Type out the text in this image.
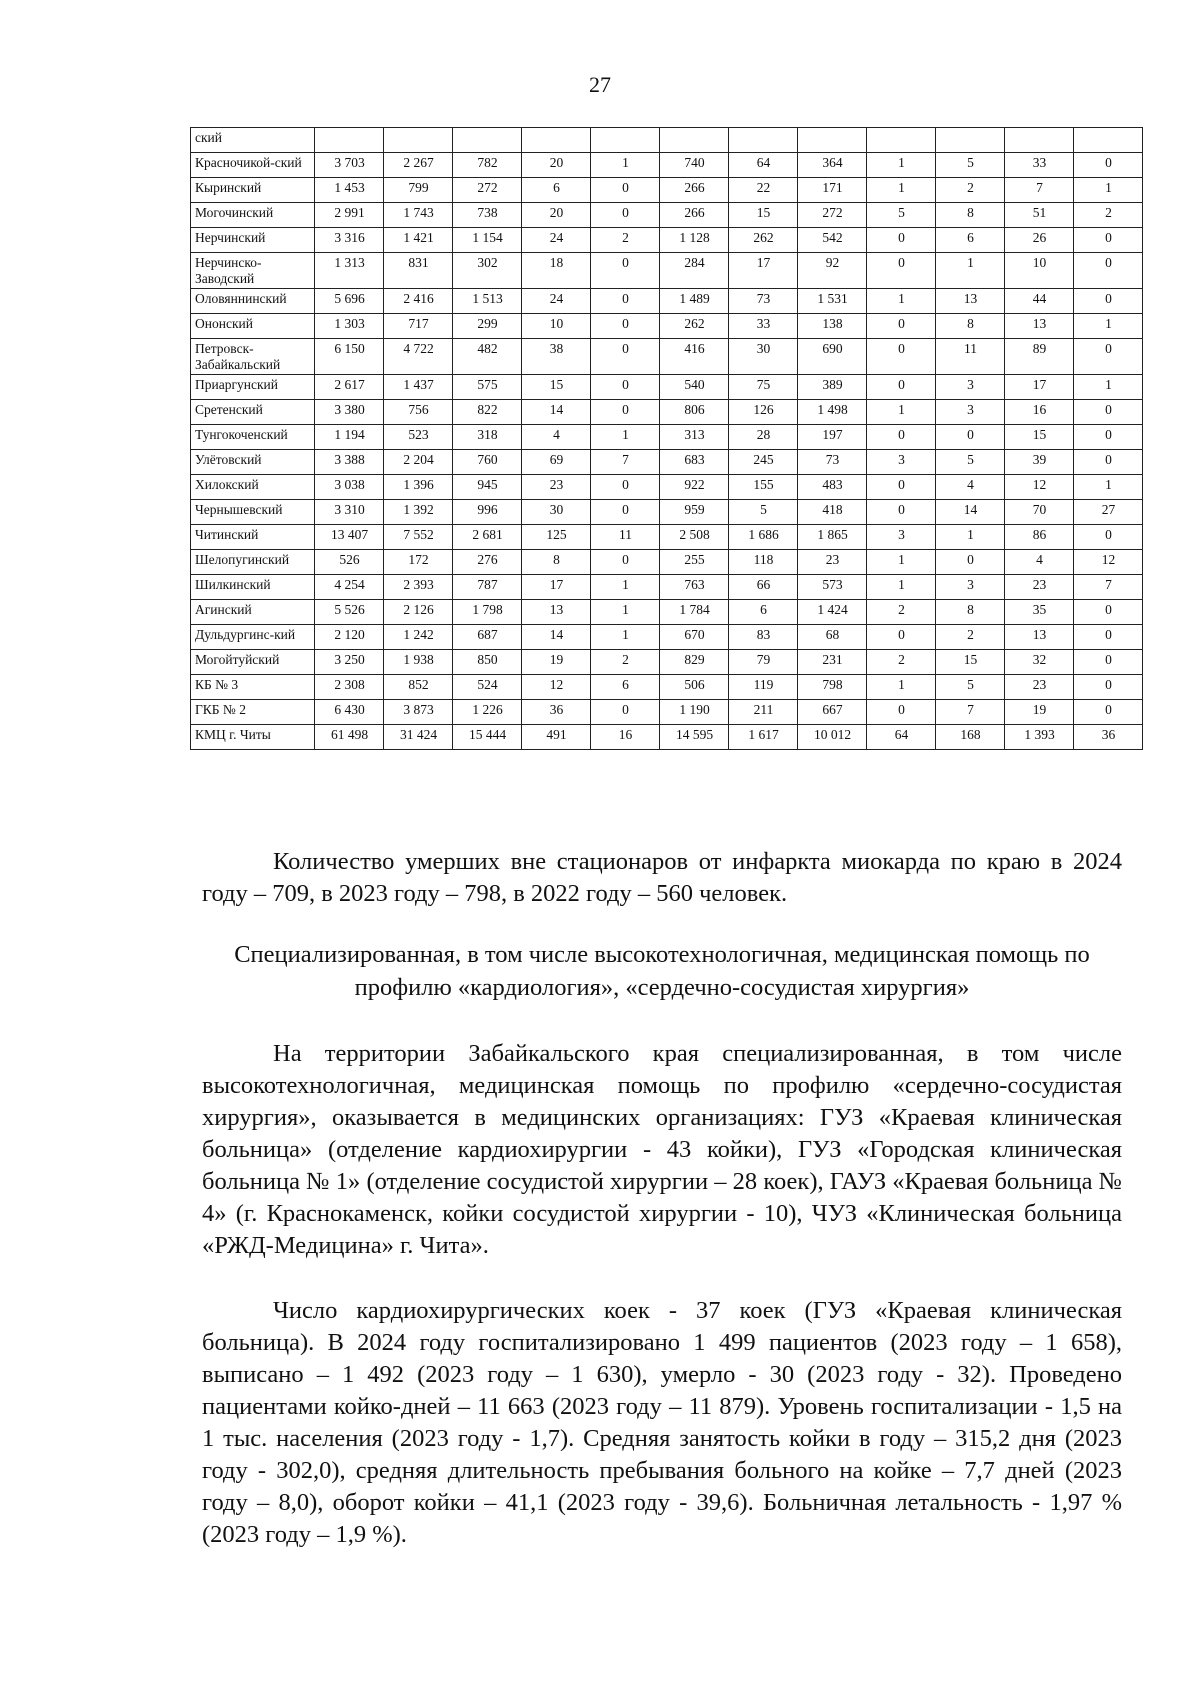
27
ский												
Красночикой-ский	3 703	2 267	782	20	1	740	64	364	1	5	33	0
Кыринский	1 453	799	272	6	0	266	22	171	1	2	7	1
Могочинский	2 991	1 743	738	20	0	266	15	272	5	8	51	2
Нерчинский	3 316	1 421	1 154	24	2	1 128	262	542	0	6	26	0
Нерчинско-Заводский	1 313	831	302	18	0	284	17	92	0	1	10	0
Оловяннинский	5 696	2 416	1 513	24	0	1 489	73	1 531	1	13	44	0
Ононский	1 303	717	299	10	0	262	33	138	0	8	13	1
Петровск-Забайкальский	6 150	4 722	482	38	0	416	30	690	0	11	89	0
Приаргунский	2 617	1 437	575	15	0	540	75	389	0	3	17	1
Сретенский	3 380	756	822	14	0	806	126	1 498	1	3	16	0
Тунгокоченский	1 194	523	318	4	1	313	28	197	0	0	15	0
Улётовский	3 388	2 204	760	69	7	683	245	73	3	5	39	0
Хилокский	3 038	1 396	945	23	0	922	155	483	0	4	12	1
Чернышевский	3 310	1 392	996	30	0	959	5	418	0	14	70	27
Читинский	13 407	7 552	2 681	125	11	2 508	1 686	1 865	3	1	86	0
Шелопугинский	526	172	276	8	0	255	118	23	1	0	4	12
Шилкинский	4 254	2 393	787	17	1	763	66	573	1	3	23	7
Агинский	5 526	2 126	1 798	13	1	1 784	6	1 424	2	8	35	0
Дульдургинс-кий	2 120	1 242	687	14	1	670	83	68	0	2	13	0
Могойтуйский	3 250	1 938	850	19	2	829	79	231	2	15	32	0
КБ № 3	2 308	852	524	12	6	506	119	798	1	5	23	0
ГКБ № 2	6 430	3 873	1 226	36	0	1 190	211	667	0	7	19	0
КМЦ г. Читы	61 498	31 424	15 444	491	16	14 595	1 617	10 012	64	168	1 393	36

Количество умерших вне стационаров от инфаркта миокарда по краю в 2024 году – 709, в 2023 году – 798, в 2022 году – 560 человек.

Специализированная, в том числе высокотехнологичная, медицинская помощь по профилю «кардиология», «сердечно-сосудистая хирургия»

На территории Забайкальского края специализированная, в том числе высокотехнологичная, медицинская помощь по профилю «сердечно-сосудистая хирургия», оказывается в медицинских организациях: ГУЗ «Краевая клиническая больница» (отделение кардиохирургии - 43 койки), ГУЗ «Городская клиническая больница № 1» (отделение сосудистой хирургии – 28 коек), ГАУЗ «Краевая больница № 4» (г. Краснокаменск, койки сосудистой хирургии - 10), ЧУЗ «Клиническая больница «РЖД-Медицина» г. Чита».

Число кардиохирургических коек - 37 коек (ГУЗ «Краевая клиническая больница). В 2024 году госпитализировано 1 499 пациентов (2023 году – 1 658), выписано – 1 492 (2023 году – 1 630), умерло - 30 (2023 году - 32). Проведено пациентами койко-дней – 11 663 (2023 году – 11 879). Уровень госпитализации - 1,5 на 1 тыс. населения (2023 году - 1,7). Средняя занятость койки в году – 315,2 дня (2023 году - 302,0), средняя длительность пребывания больного на койке – 7,7 дней (2023 году – 8,0), оборот койки – 41,1 (2023 году - 39,6). Больничная летальность - 1,97 % (2023 году – 1,9 %).
